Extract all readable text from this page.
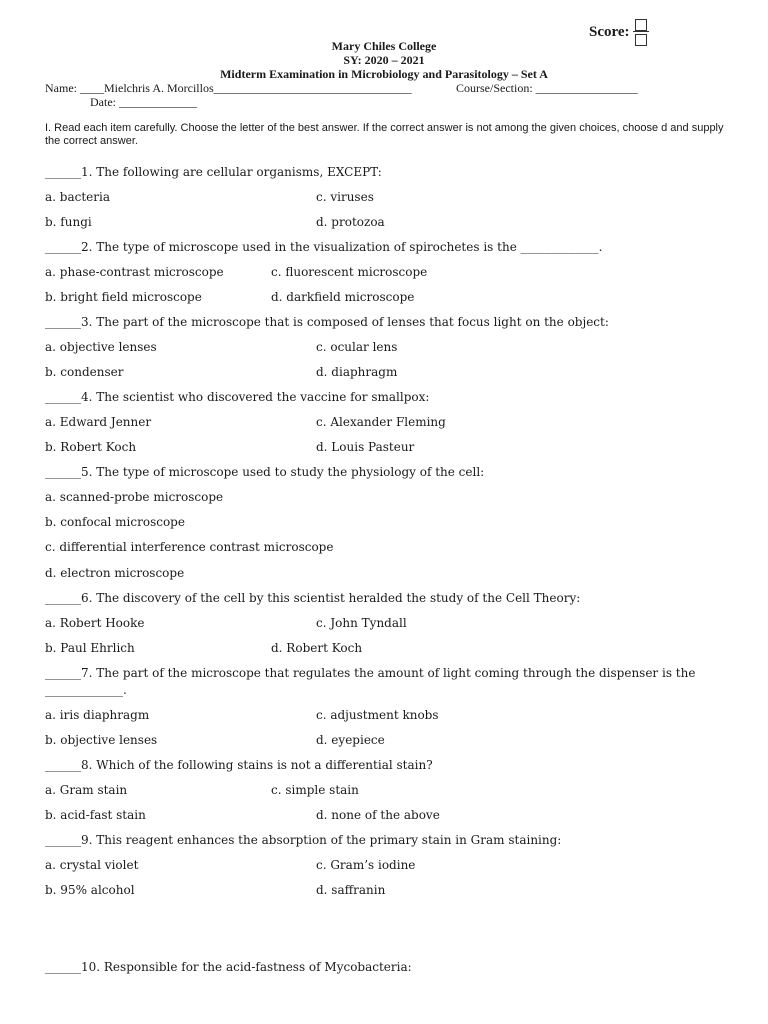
Score:
Mary Chiles College
SY: 2020 – 2021
Midterm Examination in Microbiology and Parasitology – Set A
Name: ____Mielchris A. Morcillos_________________________________	Course/Section: _________________
Date: _____________
I. Read each item carefully. Choose the letter of the best answer. If the correct answer is not among the given choices, choose d and supply the correct answer.
______1. The following are cellular organisms, EXCEPT:
a. bacteria	c. viruses
b. fungi	d. protozoa
______2. The type of microscope used in the visualization of spirochetes is the _____________.
a. phase-contrast microscope	c. fluorescent microscope
b. bright field microscope	d. darkfield microscope
______3. The part of the microscope that is composed of lenses that focus light on the object:
a. objective lenses	c. ocular lens
b. condenser	d. diaphragm
______4. The scientist who discovered the vaccine for smallpox:
a. Edward Jenner	c. Alexander Fleming
b. Robert Koch	d. Louis Pasteur
______5. The type of microscope used to study the physiology of the cell:
a. scanned-probe microscope
b. confocal microscope
c. differential interference contrast microscope
d. electron microscope
______6. The discovery of the cell by this scientist heralded the study of the Cell Theory:
a. Robert Hooke	c. John Tyndall
b. Paul Ehrlich	d. Robert Koch
______7. The part of the microscope that regulates the amount of light coming through the dispenser is the
_____________.
a. iris diaphragm	c. adjustment knobs
b. objective lenses	d. eyepiece
______8. Which of the following stains is not a differential stain?
a. Gram stain	c. simple stain
b. acid-fast stain	d. none of the above
______9. This reagent enhances the absorption of the primary stain in Gram staining:
a. crystal violet	c. Gram’s iodine
b. 95% alcohol	d. saffranin
______10. Responsible for the acid-fastness of Mycobacteria:
